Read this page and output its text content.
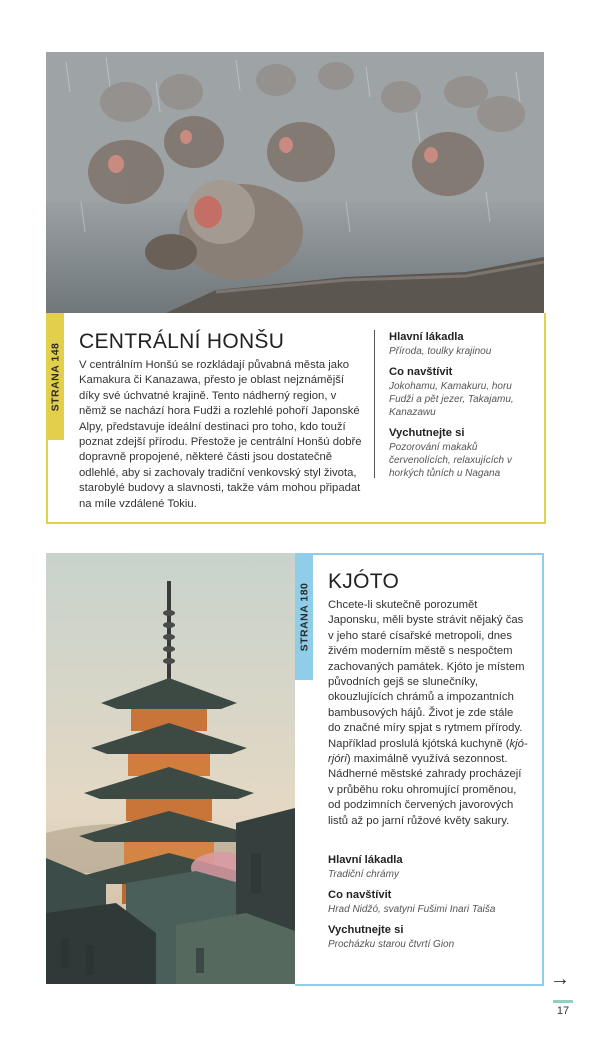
STRANA 148
CENTRÁLNÍ HONŠU

V centrálním Honšú se rozkládají půvabná města jako Kamakura či Kanazawa, přesto je oblast nejznámější díky své úchvatné krajině. Tento nádherný region, v němž se nachází hora Fudži a rozlehlé pohoří Japonské Alpy, představuje ideální destinaci pro toho, kdo touží poznat zdejší přírodu. Přestože je centrální Honšú dobře dopravně propojené, některé části jsou dostatečně odlehlé, aby si zachovaly tradiční venkovský styl života, starobylé budovy a slavnosti, takže vám mohou připadat na míle vzdálené Tokiu.

Hlavní lákadla

Příroda, toulky krajinou

Co navštívit

Jokohamu, Kamakuru, horu Fudži a pět jezer, Takajamu, Kanazawu

Vychutnejte si

Pozorování makaků červenolících, relaxujících v horkých tůních u Nagana

STRANA 180
KJÓTO

Chcete-li skutečně porozumět Japonsku, měli byste strávit nějaký čas v jeho staré císařské metropoli, dnes živém moderním městě s nespočtem zachovaných památek. Kjóto je místem původních gejš se slunečníky, okouzlujících chrámů a impozantních bambusových hájů. Život je zde stále do značné míry spjat s rytmem přírody. Například proslulá kjótská kuchyně (kjó-rjóri) maximálně využívá sezonnost. Nádherné městské zahrady procházejí v průběhu roku ohromující proměnou, od podzimních červených javorových listů až po jarní růžové květy sakury.

Hlavní lákadla

Tradiční chrámy

Co navštívit

Hrad Nidžó, svatyni Fušimi Inari Taiša

Vychutnejte si

Procházku starou čtvrtí Gion

→
17
